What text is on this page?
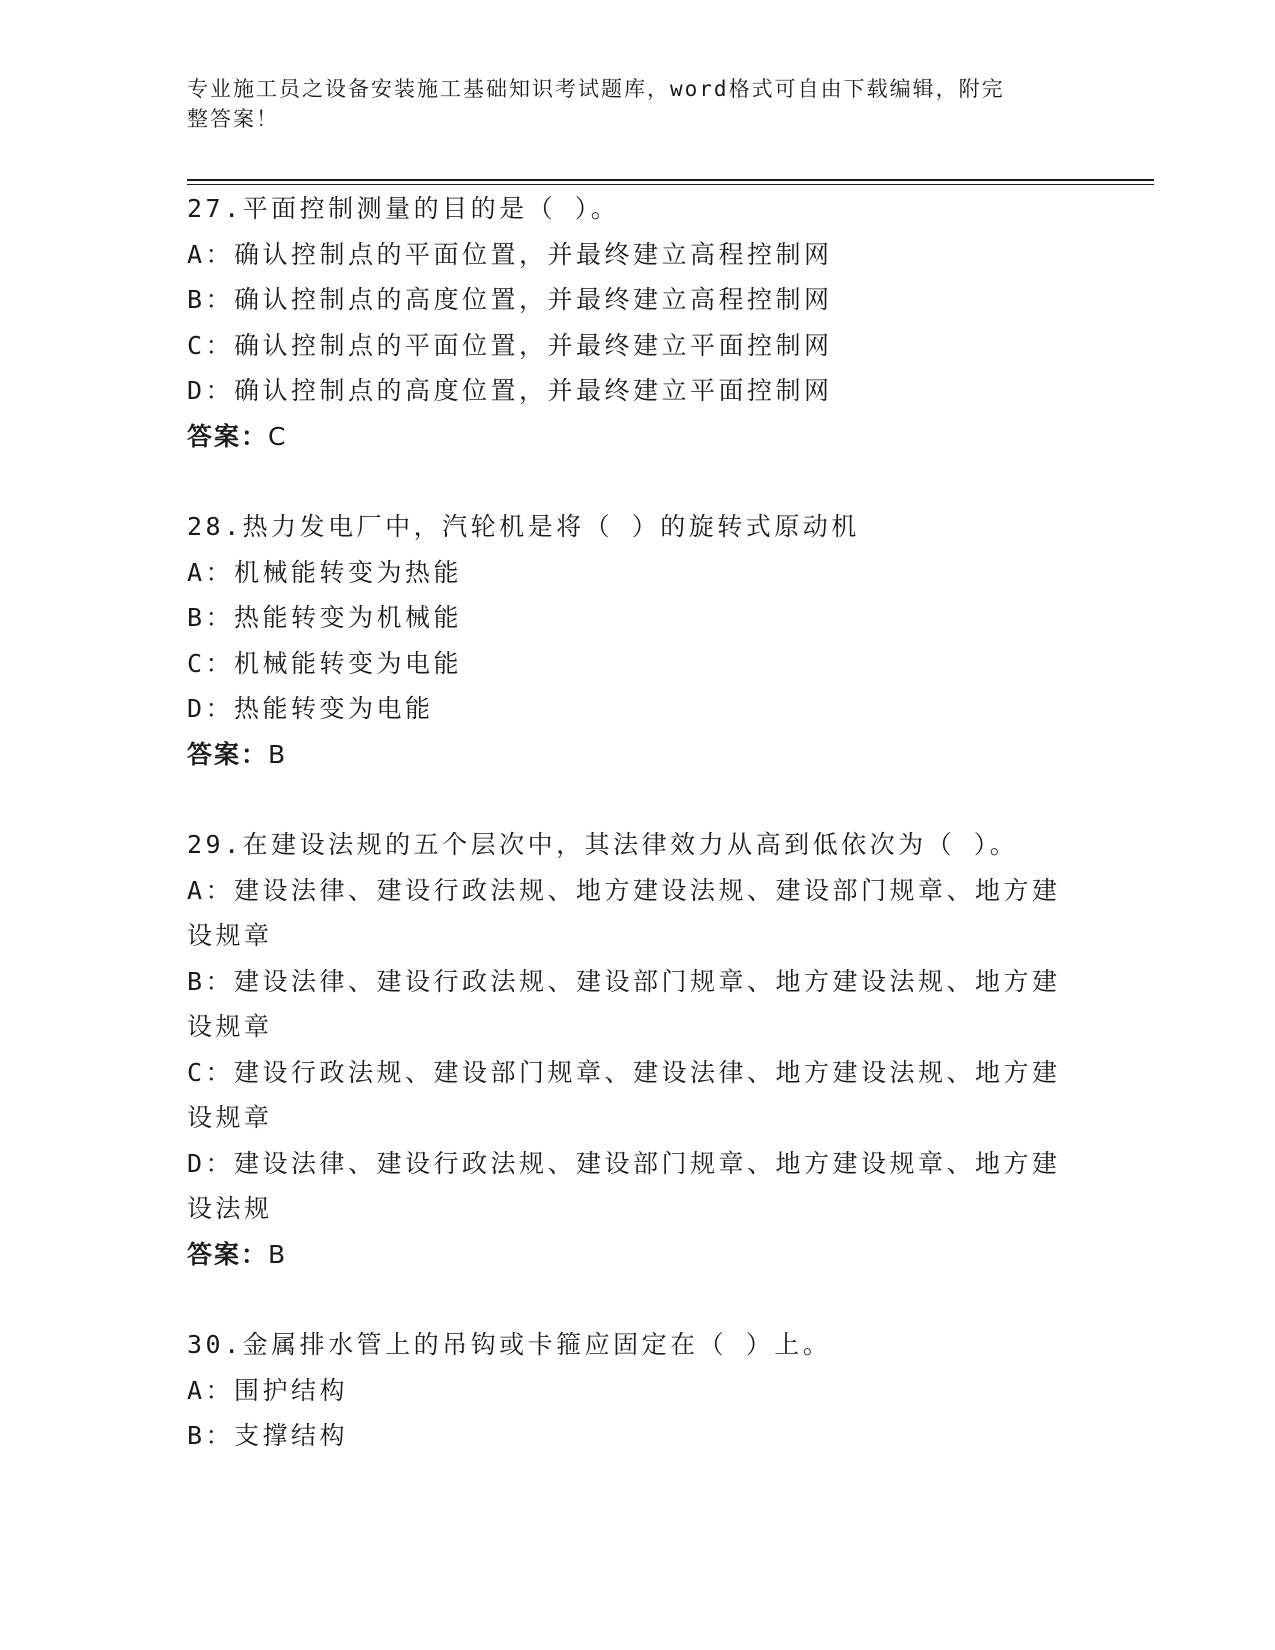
专业施工员之设备安装施工基础知识考试题库，word格式可自由下载编辑，附完
整答案！
27.平面控制测量的目的是（ ）。
A：确认控制点的平面位置，并最终建立高程控制网
B：确认控制点的高度位置，并最终建立高程控制网
C：确认控制点的平面位置，并最终建立平面控制网
D：确认控制点的高度位置，并最终建立平面控制网
答案：C
28.热力发电厂中，汽轮机是将（ ）的旋转式原动机
A：机械能转变为热能
B：热能转变为机械能
C：机械能转变为电能
D：热能转变为电能
答案：B
29.在建设法规的五个层次中，其法律效力从高到低依次为（ ）。
A：建设法律、建设行政法规、地方建设法规、建设部门规章、地方建
设规章
B：建设法律、建设行政法规、建设部门规章、地方建设法规、地方建
设规章
C：建设行政法规、建设部门规章、建设法律、地方建设法规、地方建
设规章
D：建设法律、建设行政法规、建设部门规章、地方建设规章、地方建
设法规
答案：B
30.金属排水管上的吊钩或卡箍应固定在（ ）上。
A：围护结构
B：支撑结构
